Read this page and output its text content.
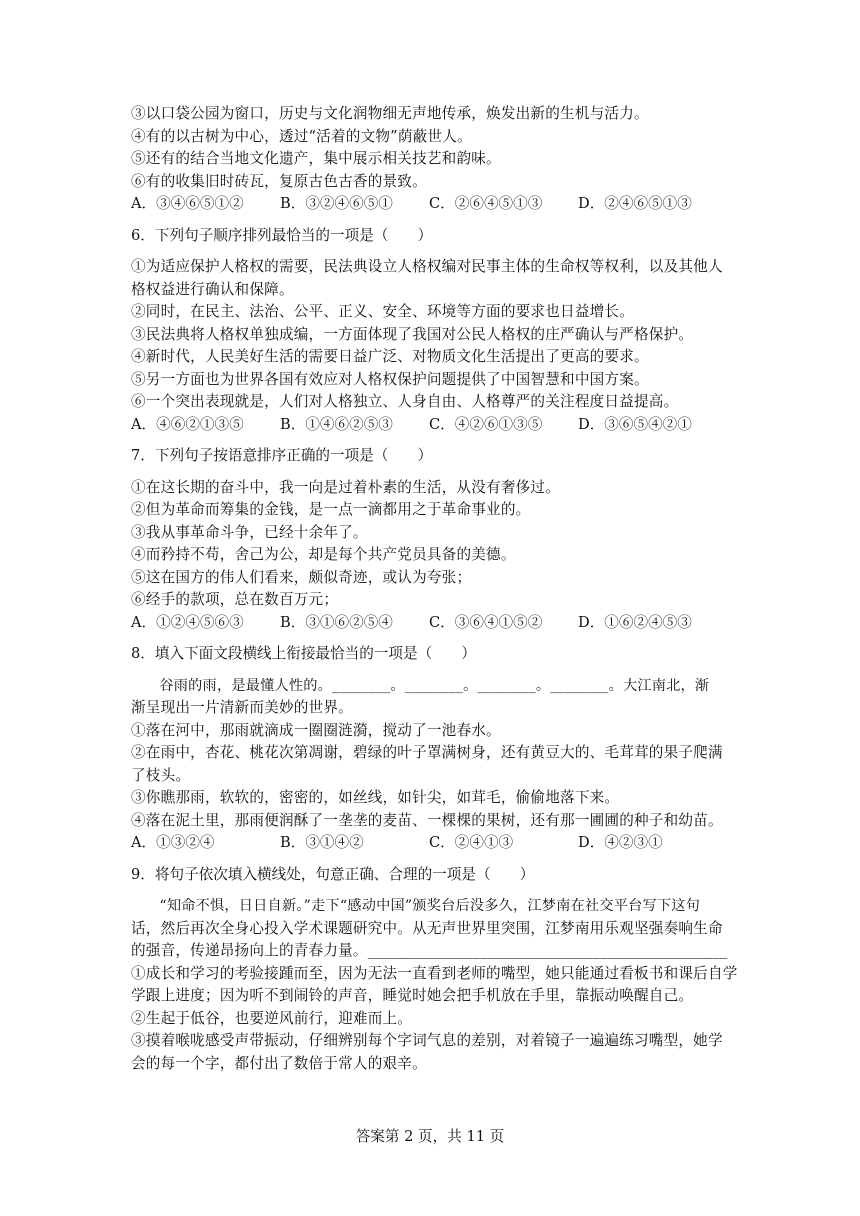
③以口袋公园为窗口，历史与文化润物细无声地传承，焕发出新的生机与活力。
④有的以古树为中心，透过“活着的文物”荫蔽世人。
⑤还有的结合当地文化遗产，集中展示相关技艺和韵味。
⑥有的收集旧时砖瓦，复原古色古香的景致。
A．③④⑥⑤①②	B．③②④⑥⑤①	C．②⑥④⑤①③	D．②④⑥⑤①③
6．下列句子顺序排列最恰当的一项是（　　）
①为适应保护人格权的需要，民法典设立人格权编对民事主体的生命权等权利，以及其他人
格权益进行确认和保障。
②同时，在民主、法治、公平、正义、安全、环境等方面的要求也日益增长。
③民法典将人格权单独成编，一方面体现了我国对公民人格权的庄严确认与严格保护。
④新时代，人民美好生活的需要日益广泛、对物质文化生活提出了更高的要求。
⑤另一方面也为世界各国有效应对人格权保护问题提供了中国智慧和中国方案。
⑥一个突出表现就是，人们对人格独立、人身自由、人格尊严的关注程度日益提高。
A．④⑥②①③⑤	B．①④⑥②⑤③	C．④②⑥①③⑤	D．③⑥⑤④②①
7．下列句子按语意排序正确的一项是（　　）
①在这长期的奋斗中，我一向是过着朴素的生活，从没有奢侈过。
②但为革命而筹集的金钱，是一点一滴都用之于革命事业的。
③我从事革命斗争，已经十余年了。
④而矜持不苟，舍己为公，却是每个共产党员具备的美德。
⑤这在国方的伟人们看来，颇似奇迹，或认为夸张；
⑥经手的款项，总在数百万元；
A．①②④⑤⑥③	B．③①⑥②⑤④	C．③⑥④①⑤②	D．①⑥②④⑤③
8．填入下面文段横线上衔接最恰当的一项是（　　）
谷雨的雨，是最懂人性的。________。________。________。________。大江南北，渐
渐呈现出一片清新而美妙的世界。
①落在河中，那雨就滴成一圈圈涟漪，搅动了一池春水。
②在雨中，杏花、桃花次第凋谢，碧绿的叶子罩满树身，还有黄豆大的、毛茸茸的果子爬满
了枝头。
③你瞧那雨，软软的，密密的，如丝线，如针尖，如茸毛，偷偷地落下来。
④落在泥土里，那雨便润酥了一垄垄的麦苗、一棵棵的果树，还有那一圃圃的种子和幼苗。
A．①③②④	B．③①④②	C．②④①③	D．④②③①
9．将句子依次填入横线处，句意正确、合理的一项是（　　）
“知命不惧，日日自新。”走下“感动中国”颁奖台后没多久，江梦南在社交平台写下这句
话，然后再次全身心投入学术课题研究中。从无声世界里突围，江梦南用乐观坚强奏响生命
的强音，传递昂扬向上的青春力量。________________________________________________
①成长和学习的考验接踵而至，因为无法一直看到老师的嘴型，她只能通过看板书和课后自学
学跟上进度；因为听不到闹铃的声音，睡觉时她会把手机放在手里，靠振动唤醒自己。
②生起于低谷，也要逆风前行，迎难而上。
③摸着喉咙感受声带振动，仔细辨别每个字词气息的差别，对着镜子一遍遍练习嘴型，她学
会的每一个字，都付出了数倍于常人的艰辛。
答案第 2 页，共 11 页
